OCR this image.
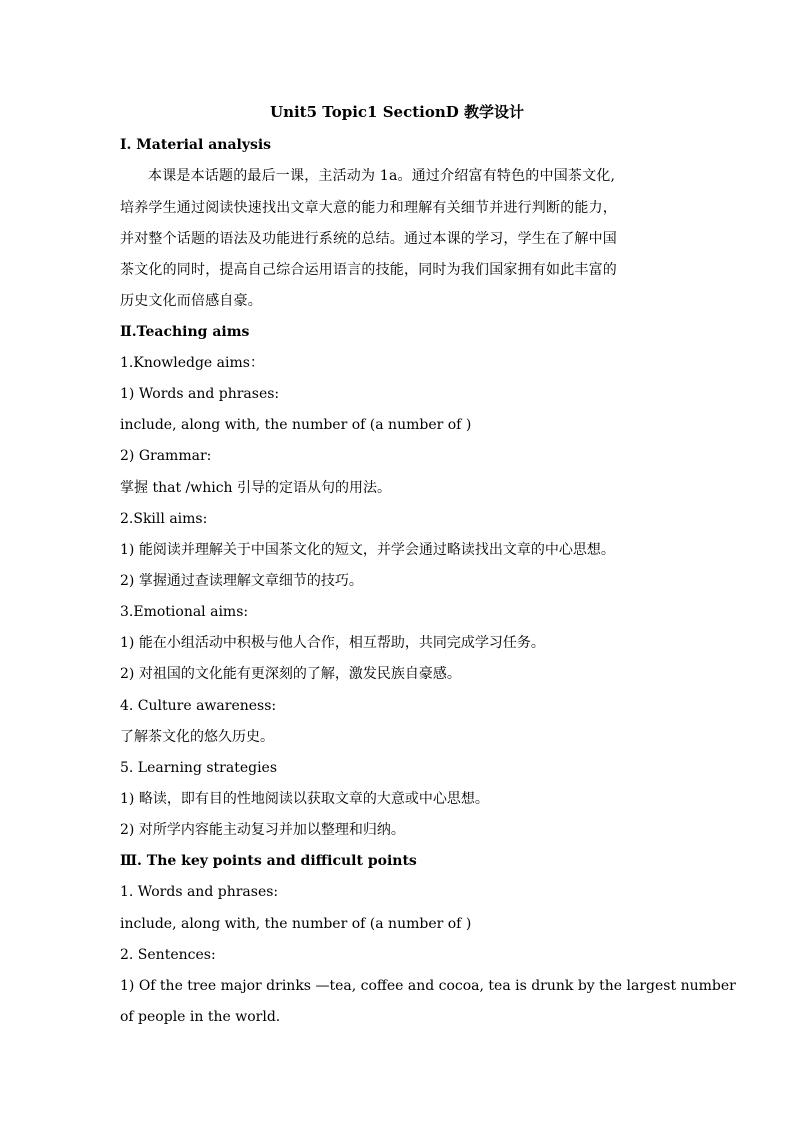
Unit5 Topic1 SectionD 教学设计
Ⅰ. Material analysis
本课是本话题的最后一课，主活动为 1a。通过介绍富有特色的中国茶文化,
培养学生通过阅读快速找出文章大意的能力和理解有关细节并进行判断的能力，
并对整个话题的语法及功能进行系统的总结。通过本课的学习，学生在了解中国
茶文化的同时，提高自己综合运用语言的技能，同时为我们国家拥有如此丰富的
历史文化而倍感自豪。
Ⅱ.Teaching aims
1.Knowledge aims：
1) Words and phrases:
include, along with, the number of (a number of )
2) Grammar:
掌握 that /which 引导的定语从句的用法。
2.Skill aims:
1) 能阅读并理解关于中国茶文化的短文，并学会通过略读找出文章的中心思想。
2) 掌握通过查读理解文章细节的技巧。
3.Emotional aims:
1) 能在小组活动中积极与他人合作，相互帮助，共同完成学习任务。
2) 对祖国的文化能有更深刻的了解，激发民族自豪感。
4. Culture awareness:
了解茶文化的悠久历史。
5. Learning strategies
1) 略读，即有目的性地阅读以获取文章的大意或中心思想。
2) 对所学内容能主动复习并加以整理和归纳。
Ⅲ. The key points and difficult points
1. Words and phrases:
include, along with, the number of (a number of )
2. Sentences:
1) Of the tree major drinks —tea, coffee and cocoa, tea is drunk by the largest number
of people in the world.
